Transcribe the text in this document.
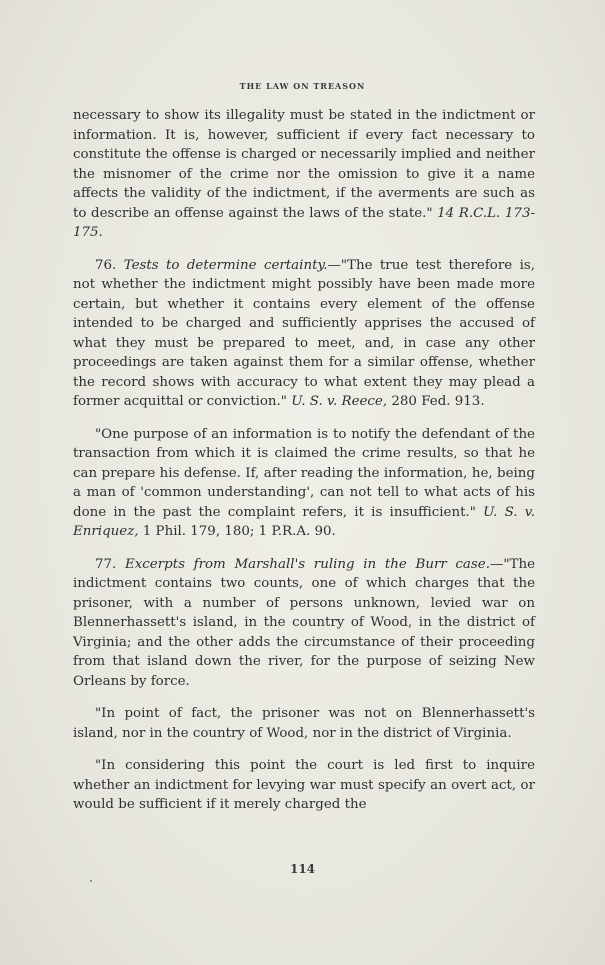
THE LAW ON TREASON

necessary to show its illegality must be stated in the indictment or information. It is, however, sufficient if every fact necessary to constitute the offense is charged or necessarily implied and neither the misnomer of the crime nor the omission to give it a name affects the validity of the indictment, if the averments are such as to describe an offense against the laws of the state." 14 R.C.L. 173-175.

76. Tests to determine certainty.—"The true test therefore is, not whether the indictment might possibly have been made more certain, but whether it contains every element of the offense intended to be charged and sufficiently apprises the accused of what they must be prepared to meet, and, in case any other proceedings are taken against them for a similar offense, whether the record shows with accuracy to what extent they may plead a former acquittal or conviction." U. S. v. Reece, 280 Fed. 913.

"One purpose of an information is to notify the defendant of the transaction from which it is claimed the crime results, so that he can prepare his defense. If, after reading the information, he, being a man of 'common understanding', can not tell to what acts of his done in the past the complaint refers, it is insufficient." U. S. v. Enriquez, 1 Phil. 179, 180; 1 P.R.A. 90.

77. Excerpts from Marshall's ruling in the Burr case.—"The indictment contains two counts, one of which charges that the prisoner, with a number of persons unknown, levied war on Blennerhassett's island, in the country of Wood, in the district of Virginia; and the other adds the circumstance of their proceeding from that island down the river, for the purpose of seizing New Orleans by force.

"In point of fact, the prisoner was not on Blennerhassett's island, nor in the country of Wood, nor in the district of Virginia.

"In considering this point the court is led first to inquire whether an indictment for levying war must specify an overt act, or would be sufficient if it merely charged the

114
